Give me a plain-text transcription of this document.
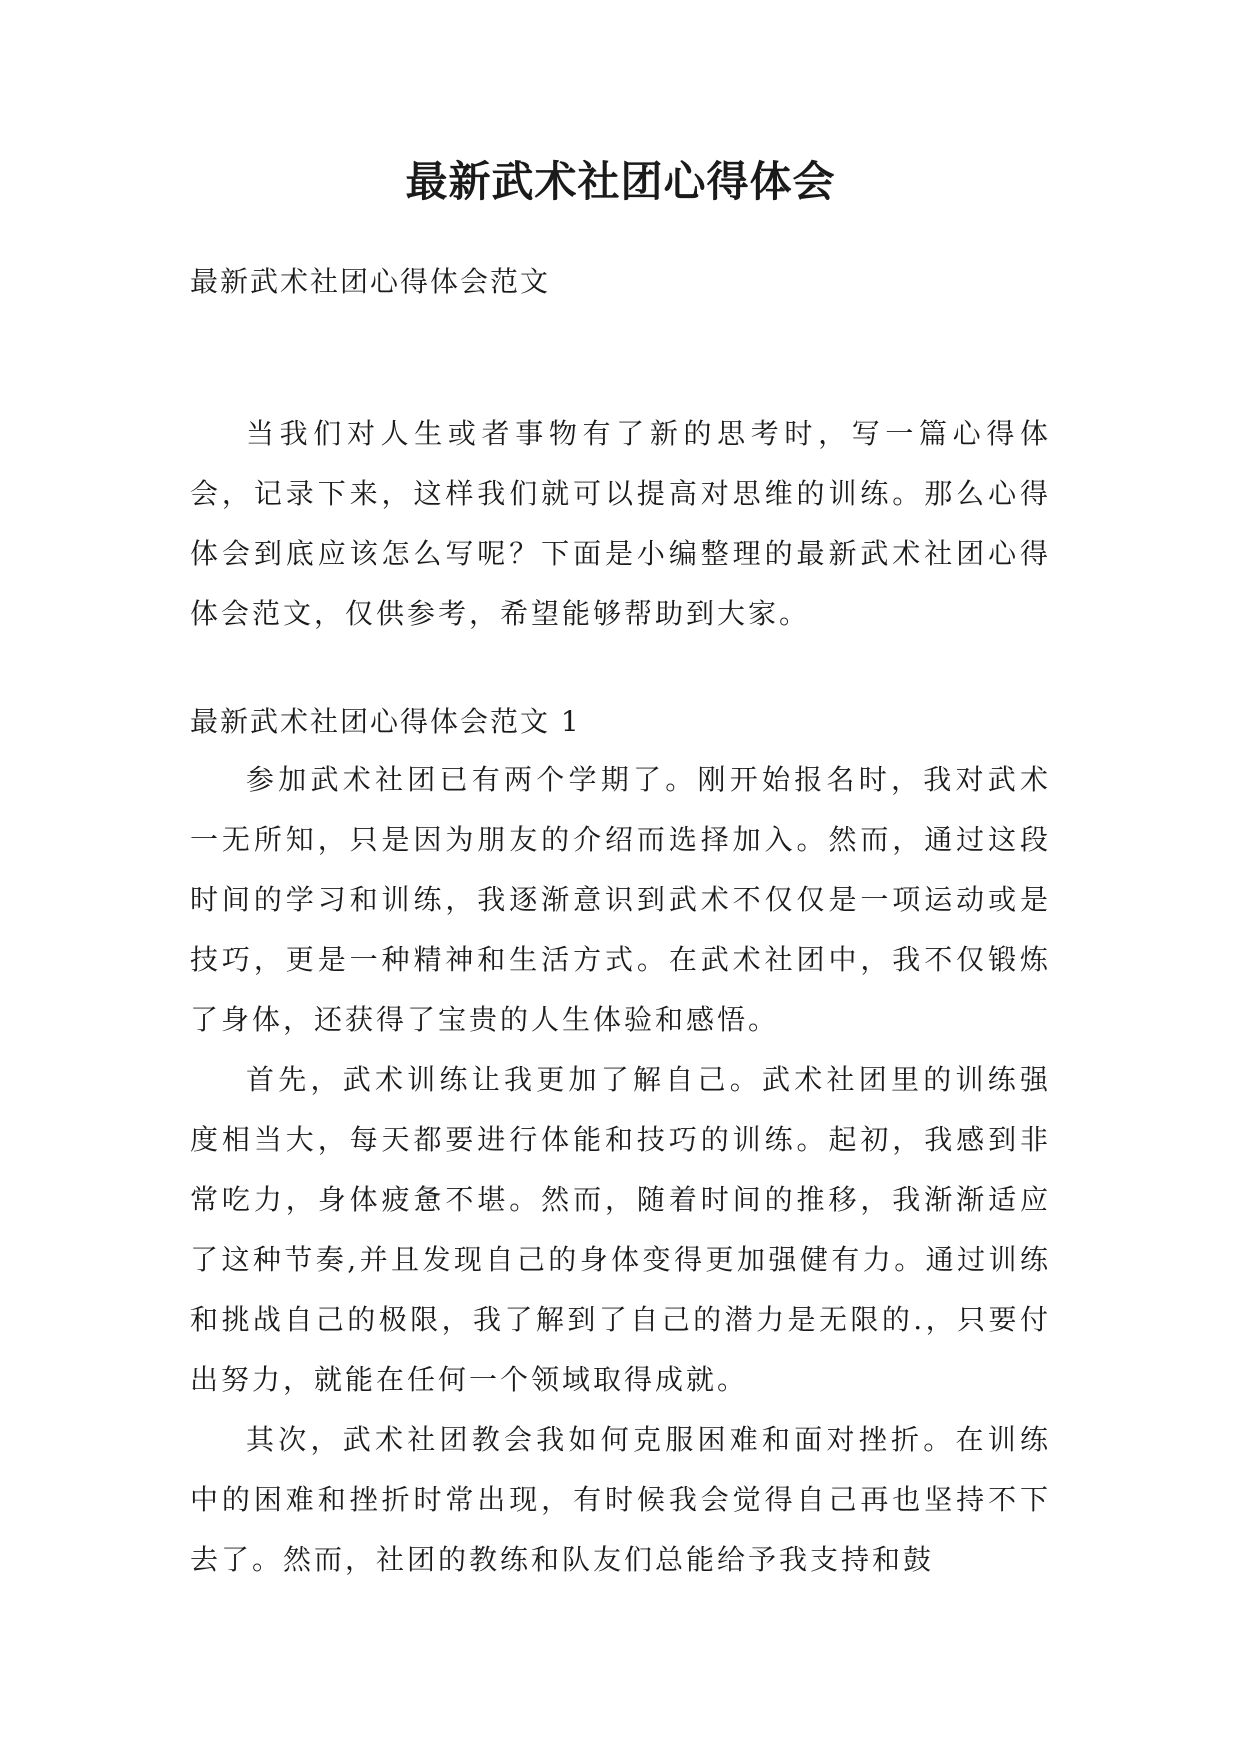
最新武术社团心得体会

最新武术社团心得体会范文

当我们对人生或者事物有了新的思考时，写一篇心得体会，记录下来，这样我们就可以提高对思维的训练。那么心得体会到底应该怎么写呢？下面是小编整理的最新武术社团心得体会范文，仅供参考，希望能够帮助到大家。

最新武术社团心得体会范文 1

参加武术社团已有两个学期了。刚开始报名时，我对武术一无所知，只是因为朋友的介绍而选择加入。然而，通过这段时间的学习和训练，我逐渐意识到武术不仅仅是一项运动或是技巧，更是一种精神和生活方式。在武术社团中，我不仅锻炼了身体，还获得了宝贵的人生体验和感悟。

首先，武术训练让我更加了解自己。武术社团里的训练强度相当大，每天都要进行体能和技巧的训练。起初，我感到非常吃力，身体疲惫不堪。然而，随着时间的推移，我渐渐适应了这种节奏,并且发现自己的身体变得更加强健有力。通过训练和挑战自己的极限，我了解到了自己的潜力是无限的.，只要付出努力，就能在任何一个领域取得成就。

其次，武术社团教会我如何克服困难和面对挫折。在训练中的困难和挫折时常出现，有时候我会觉得自己再也坚持不下去了。然而，社团的教练和队友们总能给予我支持和鼓
